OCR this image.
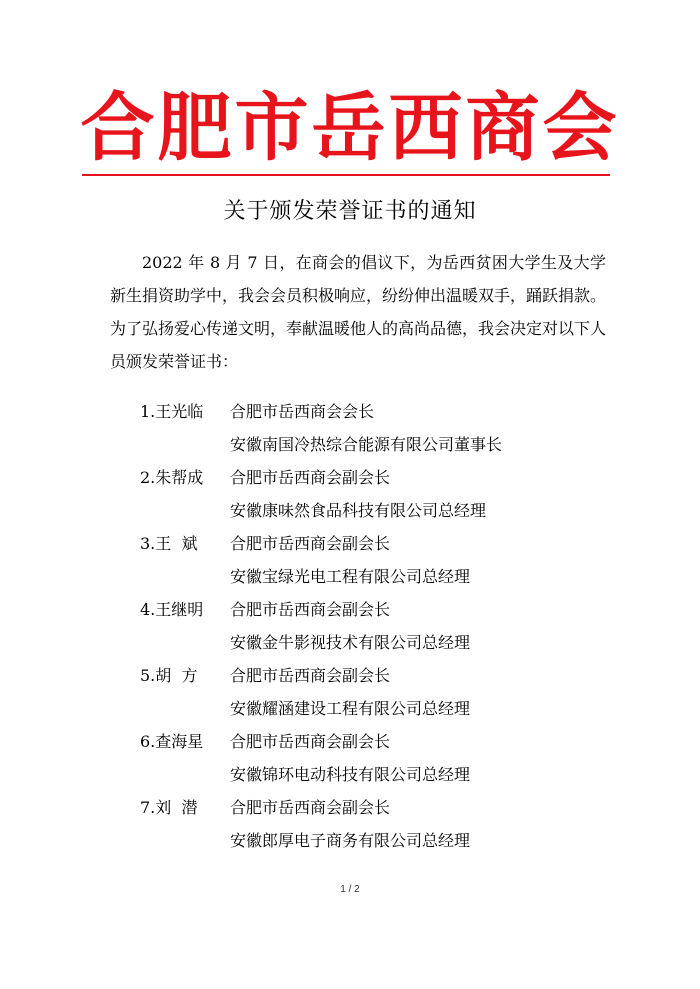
合肥市岳西商会
关于颁发荣誉证书的通知
2022 年 8 月 7 日，在商会的倡议下，为岳西贫困大学生及大学新生捐资助学中，我会会员积极响应，纷纷伸出温暖双手，踊跃捐款。为了弘扬爱心传递文明，奉献温暖他人的高尚品德，我会决定对以下人员颁发荣誉证书：
1.王光临	合肥市岳西商会会长
安徽南国冷热综合能源有限公司董事长
2.朱帮成	合肥市岳西商会副会长
安徽康味然食品科技有限公司总经理
3.王  斌	合肥市岳西商会副会长
安徽宝绿光电工程有限公司总经理
4.王继明	合肥市岳西商会副会长
安徽金牛影视技术有限公司总经理
5.胡  方	合肥市岳西商会副会长
安徽耀涵建设工程有限公司总经理
6.查海星	合肥市岳西商会副会长
安徽锦环电动科技有限公司总经理
7.刘  潜	合肥市岳西商会副会长
安徽郎厚电子商务有限公司总经理
1 / 2
